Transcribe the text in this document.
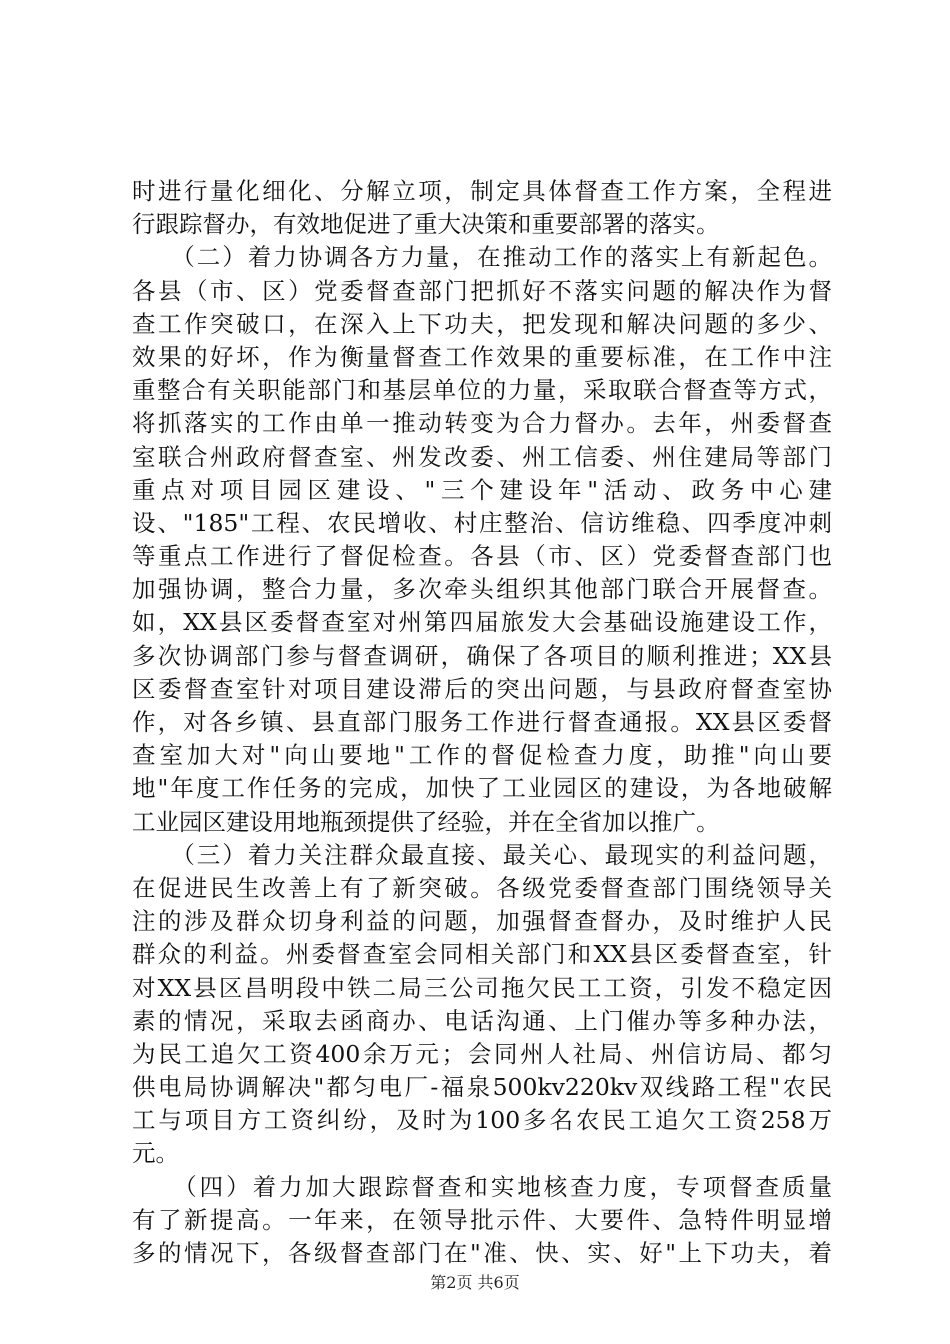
时进行量化细化、分解立项，制定具体督查工作方案，全程进
行跟踪督办，有效地促进了重大决策和重要部署的落实。
　　（二）着力协调各方力量，在推动工作的落实上有新起色。
各县（市、区）党委督查部门把抓好不落实问题的解决作为督
查工作突破口，在深入上下功夫，把发现和解决问题的多少、
效果的好坏，作为衡量督查工作效果的重要标准，在工作中注
重整合有关职能部门和基层单位的力量，采取联合督查等方式，
将抓落实的工作由单一推动转变为合力督办。去年，州委督查
室联合州政府督查室、州发改委、州工信委、州住建局等部门
重点对项目园区建设、"三个建设年"活动、政务中心建
设、"185"工程、农民增收、村庄整治、信访维稳、四季度冲刺
等重点工作进行了督促检查。各县（市、区）党委督查部门也
加强协调，整合力量，多次牵头组织其他部门联合开展督查。
如，XX县区委督查室对州第四届旅发大会基础设施建设工作，
多次协调部门参与督查调研，确保了各项目的顺利推进；XX县
区委督查室针对项目建设滞后的突出问题，与县政府督查室协
作，对各乡镇、县直部门服务工作进行督查通报。XX县区委督
查室加大对"向山要地"工作的督促检查力度，助推"向山要
地"年度工作任务的完成，加快了工业园区的建设，为各地破解
工业园区建设用地瓶颈提供了经验，并在全省加以推广。
　　（三）着力关注群众最直接、最关心、最现实的利益问题，
在促进民生改善上有了新突破。各级党委督查部门围绕领导关
注的涉及群众切身利益的问题，加强督查督办，及时维护人民
群众的利益。州委督查室会同相关部门和XX县区委督查室，针
对XX县区昌明段中铁二局三公司拖欠民工工资，引发不稳定因
素的情况，采取去函商办、电话沟通、上门催办等多种办法，
为民工追欠工资400余万元；会同州人社局、州信访局、都匀
供电局协调解决"都匀电厂-福泉500kv220kv双线路工程"农民
工与项目方工资纠纷，及时为100多名农民工追欠工资258万
元。
　　（四）着力加大跟踪督查和实地核查力度，专项督查质量
有了新提高。一年来，在领导批示件、大要件、急特件明显增
多的情况下，各级督查部门在"准、快、实、好"上下功夫，着
第2页 共6页
